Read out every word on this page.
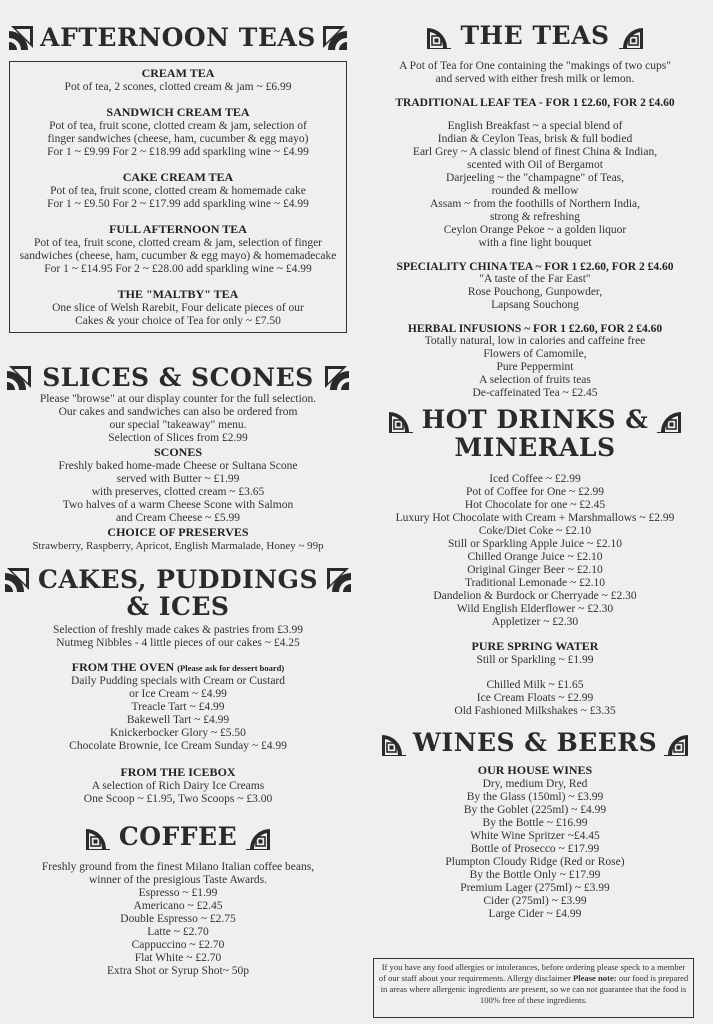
AFTERNOON TEAS

CREAM TEA

Pot of tea, 2 scones, clotted cream & jam ~ £6.99

SANDWICH CREAM TEA

Pot of tea, fruit scone, clotted cream & jam, selection of

finger sandwiches (cheese, ham, cucumber & egg mayo)

For 1 ~ £9.99 For 2 ~ £18.99 add sparkling wine ~ £4.99

CAKE CREAM TEA

Pot of tea, fruit scone, clotted cream & homemade cake

For 1 ~ £9.50 For 2 ~ £17.99 add sparkling wine ~ £4.99

FULL AFTERNOON TEA

Pot of tea, fruit scone, clotted cream & jam, selection of finger

sandwiches (cheese, ham, cucumber & egg mayo) & homemadecake

For 1 ~ £14.95 For 2 ~ £28.00 add sparkling wine ~ £4.99

THE "MALTBY" TEA

One slice of Welsh Rarebit, Four delicate pieces of our

Cakes & your choice of Tea for only ~ £7.50

SLICES & SCONES

Please "browse" at our display counter for the full selection.

Our cakes and sandwiches can also be ordered from

our special "takeaway" menu.

Selection of Slices from £2.99

SCONES

Freshly baked home-made Cheese or Sultana Scone

served with Butter ~ £1.99

with preserves, clotted cream ~ £3.65

Two halves of a warm Cheese Scone with Salmon

and Cream Cheese ~ £5.99

CHOICE OF PRESERVES

Strawberry, Raspberry, Apricot, English Marmalade, Honey ~ 99p

CAKES, PUDDINGS
& ICES

Selection of freshly made cakes & pastries from £3.99

Nutmeg Nibbles - 4 little pieces of our cakes ~ £4.25

FROM THE OVEN (Please ask for dessert board)

Daily Pudding specials with Cream or Custard

or Ice Cream ~ £4.99

Treacle Tart ~ £4.99

Bakewell Tart ~ £4.99

Knickerbocker Glory ~ £5.50

Chocolate Brownie, Ice Cream Sunday ~ £4.99

FROM THE ICEBOX

A selection of Rich Dairy Ice Creams

One Scoop ~ £1.95, Two Scoops ~ £3.00

COFFEE

Freshly ground from the finest Milano Italian coffee beans,

winner of the presigious Taste Awards.

Espresso ~ £1.99

Americano ~ £2.45

Double Espresso ~ £2.75

Latte ~ £2.70

Cappuccino ~ £2.70

Flat White ~ £2.70

Extra Shot or Syrup Shot~ 50p

THE TEAS

A Pot of Tea for One containing the "makings of two cups"

and served with either fresh milk or lemon.

TRADITIONAL LEAF TEA - FOR 1 £2.60, FOR 2 £4.60

English Breakfast ~ a special blend of

Indian & Ceylon Teas, brisk & full bodied

Earl Grey ~ A classic blend of finest China & Indian,

scented with Oil of Bergamot

Darjeeling ~ the "champagne" of Teas,

rounded & mellow

Assam ~ from the foothills of Northern India,

strong & refreshing

Ceylon Orange Pekoe ~ a golden liquor

with a fine light bouquet

SPECIALITY CHINA TEA ~ FOR 1 £2.60, FOR 2 £4.60

"A taste of the Far East"

Rose Pouchong, Gunpowder,

Lapsang Souchong

HERBAL INFUSIONS ~ FOR 1 £2.60, FOR 2 £4.60

Totally natural, low in calories and caffeine free

Flowers of Camomile,

Pure Peppermint

A selection of fruits teas

De-caffeinated Tea ~ £2.45

HOT DRINKS &
MINERALS

Iced Coffee ~ £2.99

Pot of Coffee for One ~ £2.99

Hot Chocolate for one ~ £2.45

Luxury Hot Chocolate with Cream + Marshmallows ~ £2.99

Coke/Diet Coke ~ £2.10

Still or Sparkling Apple Juice ~ £2.10

Chilled Orange Juice ~ £2.10

Original Ginger Beer ~ £2.10

Traditional Lemonade ~ £2.10

Dandelion & Burdock or Cherryade ~ £2.30

Wild English Elderflower ~ £2.30

Appletizer ~ £2.30

PURE SPRING WATER

Still or Sparkling ~ £1.99

Chilled Milk ~ £1.65

Ice Cream Floats ~ £2.99

Old Fashioned Milkshakes ~ £3.35

WINES & BEERS

OUR HOUSE WINES

Dry, medium Dry, Red

By the Glass (150ml) ~ £3.99

By the Goblet (225ml) ~ £4.99

By the Bottle ~ £16.99

White Wine Spritzer ~£4.45

Bottle of Prosecco ~ £17.99

Plumpton Cloudy Ridge (Red or Rose)

By the Bottle Only ~ £17.99

Premium Lager (275ml) ~ £3.99

Cider (275ml) ~ £3.99

Large Cider ~ £4.99

If you have any food allergies or intolerances, before ordering please speck to a member of our staff about your requirements. Allergy disclaimer Please note: our food is prepared in areas where allergenic ingredients are present, so we can not guarantee that the food is 100% free of these ingredients.
